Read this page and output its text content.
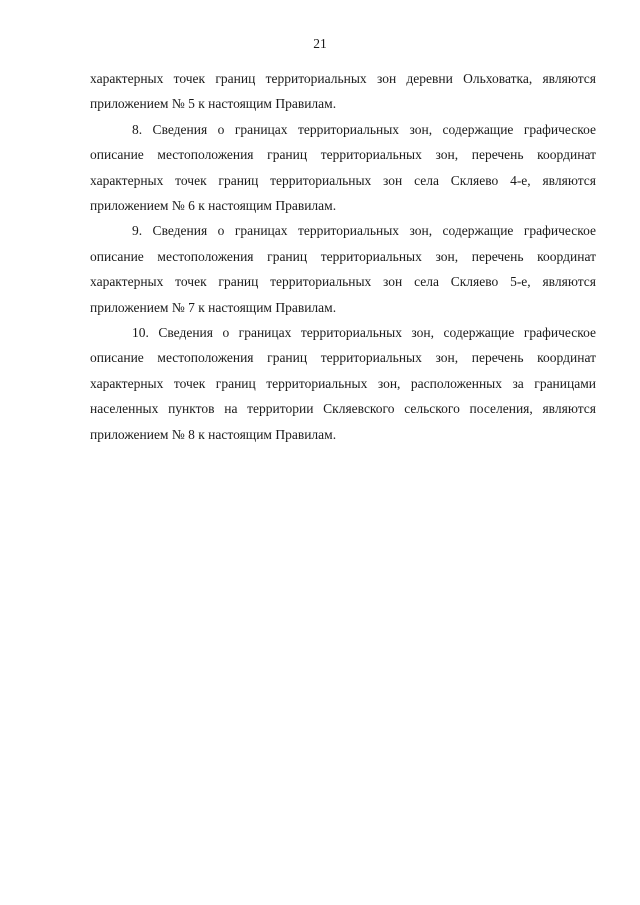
21

характерных точек границ территориальных зон деревни Ольховатка, являются приложением № 5 к настоящим Правилам.

8. Сведения о границах территориальных зон, содержащие графическое описание местоположения границ территориальных зон, перечень координат характерных точек границ территориальных зон села Скляево 4-е, являются приложением № 6 к настоящим Правилам.

9. Сведения о границах территориальных зон, содержащие графическое описание местоположения границ территориальных зон, перечень координат характерных точек границ территориальных зон села Скляево 5-е, являются приложением № 7 к настоящим Правилам.

10. Сведения о границах территориальных зон, содержащие графическое описание местоположения границ территориальных зон, перечень координат характерных точек границ территориальных зон, расположенных за границами населенных пунктов на территории Скляевского сельского поселения, являются приложением № 8 к настоящим Правилам.
